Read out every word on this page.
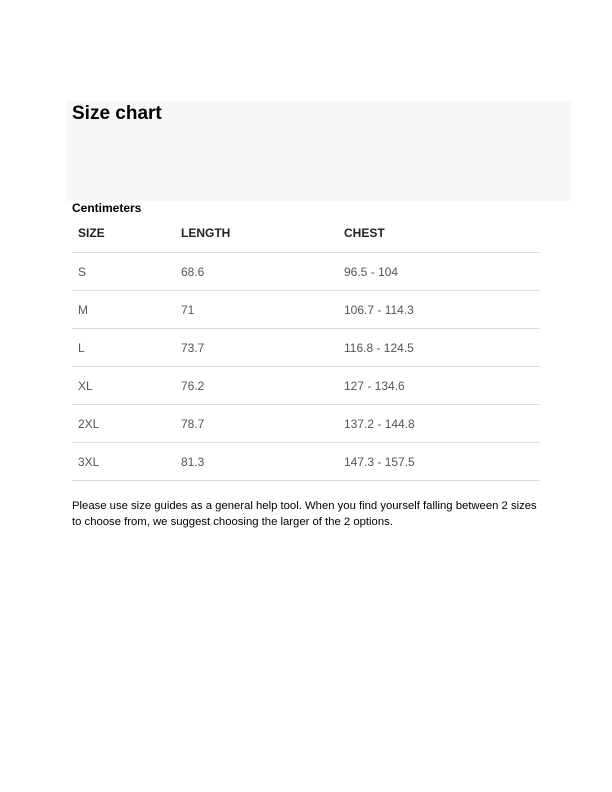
Size chart
Centimeters
SIZE	LENGTH	CHEST
S	68.6	96.5 - 104
M	71	106.7 - 114.3
L	73.7	116.8 - 124.5
XL	76.2	127 - 134.6
2XL	78.7	137.2 - 144.8
3XL	81.3	147.3 - 157.5

Please use size guides as a general help tool. When you find yourself falling between 2 sizes to choose from, we suggest choosing the larger of the 2 options.
